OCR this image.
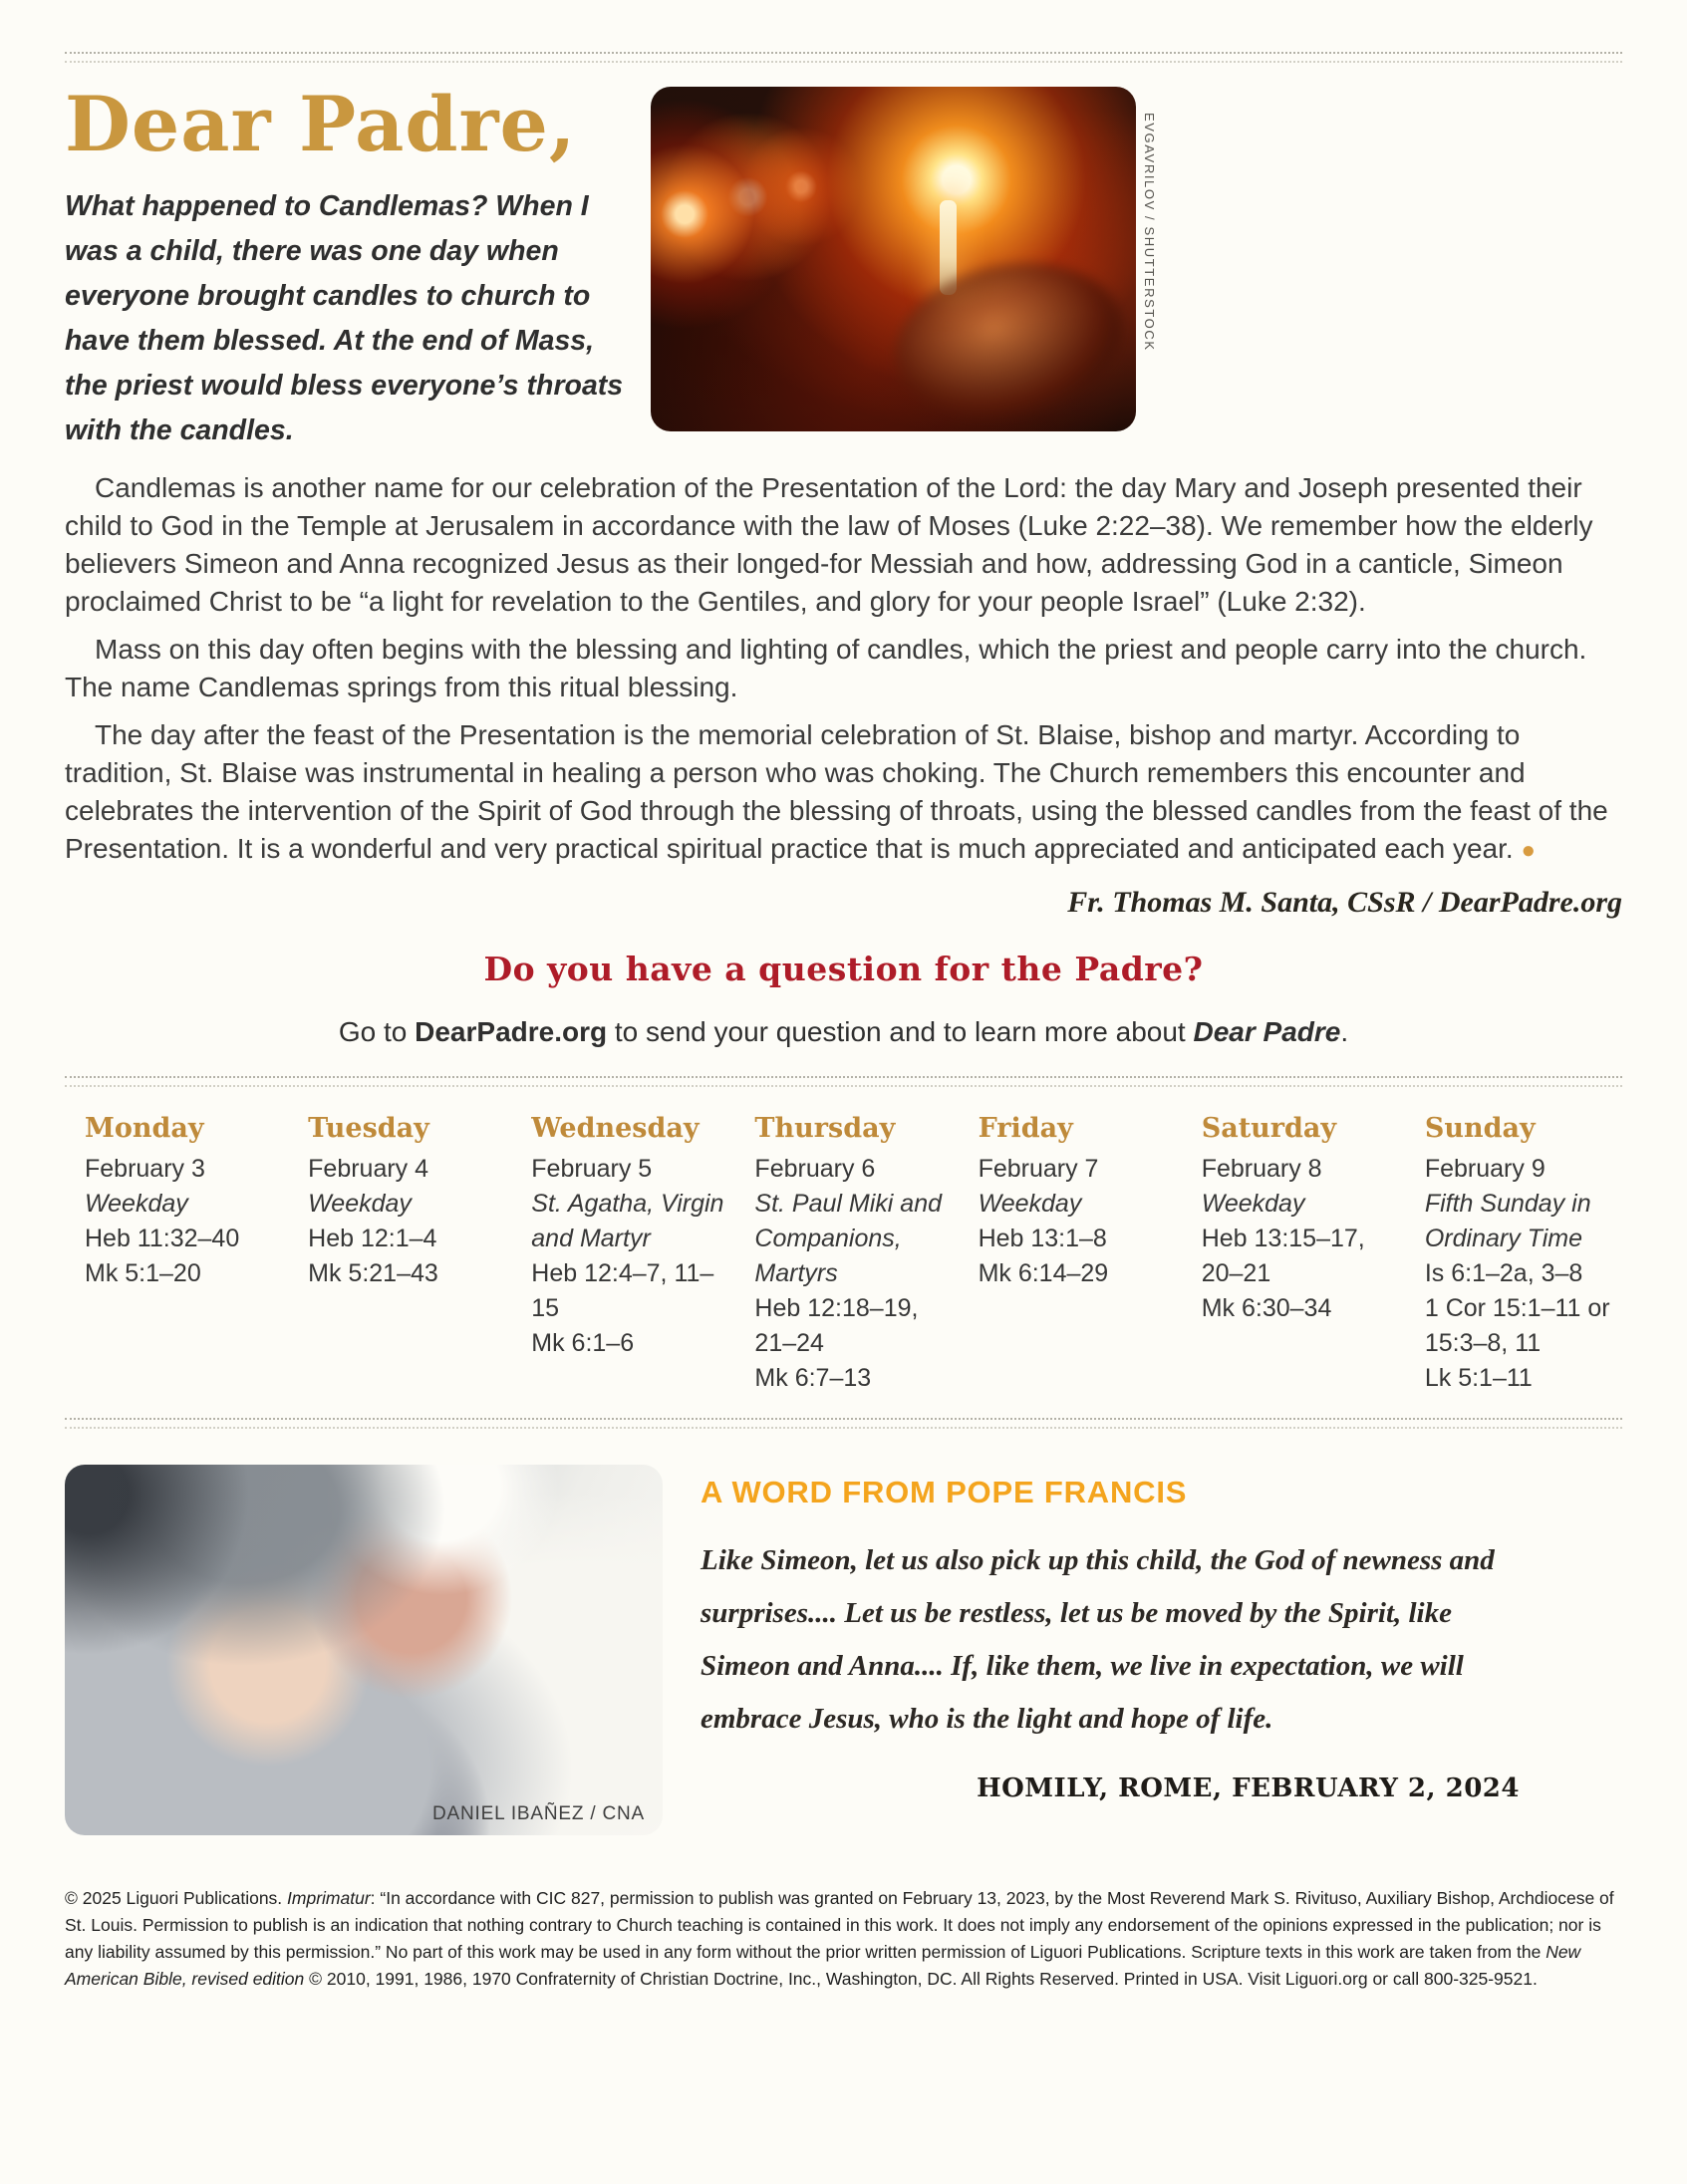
EVGAVRILOV / SHUTTERSTOCK
Dear Padre,

What happened to Candlemas? When I was a child, there was one day when everyone brought candles to church to have them blessed. At the end of Mass, the priest would bless everyone’s throats with the candles.

Candlemas is another name for our celebration of the Presentation of the Lord: the day Mary and Joseph presented their child to God in the Temple at Jerusalem in accordance with the law of Moses (Luke 2:22–38). We remember how the elderly believers Simeon and Anna recognized Jesus as their longed-for Messiah and how, addressing God in a canticle, Simeon proclaimed Christ to be “a light for revelation to the Gentiles, and glory for your people Israel” (Luke 2:32).

Mass on this day often begins with the blessing and lighting of candles, which the priest and people carry into the church. The name Candlemas springs from this ritual blessing.

The day after the feast of the Presentation is the memorial celebration of St. Blaise, bishop and martyr. According to tradition, St. Blaise was instrumental in healing a person who was choking. The Church remembers this encounter and celebrates the intervention of the Spirit of God through the blessing of throats, using the blessed candles from the feast of the Presentation. It is a wonderful and very practical spiritual practice that is much appreciated and anticipated each year. ●

Fr. Thomas M. Santa, CSsR / DearPadre.org

Do you have a question for the Padre?

Go to DearPadre.org to send your question and to learn more about Dear Padre.

Monday
February 3
Weekday
Heb 11:32–40
Mk 5:1–20
Tuesday
February 4
Weekday
Heb 12:1–4
Mk 5:21–43
Wednesday
February 5
St. Agatha, Virgin and Martyr
Heb 12:4–7, 11–15
Mk 6:1–6
Thursday
February 6
St. Paul Miki and Companions, Martyrs
Heb 12:18–19, 21–24
Mk 6:7–13
Friday
February 7
Weekday
Heb 13:1–8
Mk 6:14–29
Saturday
February 8
Weekday
Heb 13:15–17, 20–21
Mk 6:30–34
Sunday
February 9
Fifth Sunday in Ordinary Time
Is 6:1–2a, 3–8
1 Cor 15:1–11 or 15:3–8, 11
Lk 5:1–11
DANIEL IBAÑEZ / CNA
A WORD FROM POPE FRANCIS

Like Simeon, let us also pick up this child, the God of newness and surprises.... Let us be restless, let us be moved by the Spirit, like Simeon and Anna.... If, like them, we live in expectation, we will embrace Jesus, who is the light and hope of life.

HOMILY, ROME, FEBRUARY 2, 2024

© 2025 Liguori Publications. Imprimatur: “In accordance with CIC 827, permission to publish was granted on February 13, 2023, by the Most Reverend Mark S. Rivituso, Auxiliary Bishop, Archdiocese of St. Louis. Permission to publish is an indication that nothing contrary to Church teaching is contained in this work. It does not imply any endorsement of the opinions expressed in the publication; nor is any liability assumed by this permission.” No part of this work may be used in any form without the prior written permission of Liguori Publications. Scripture texts in this work are taken from the New American Bible, revised edition © 2010, 1991, 1986, 1970 Confraternity of Christian Doctrine, Inc., Washington, DC. All Rights Reserved. Printed in USA. Visit Liguori.org or call 800-325-9521.
